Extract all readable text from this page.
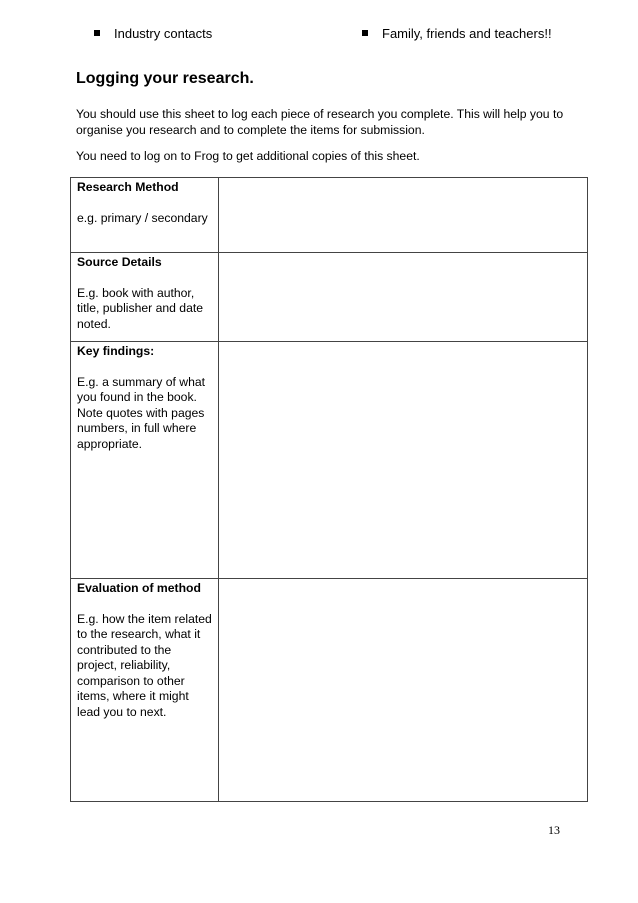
Industry contacts	Family, friends and teachers!!
Logging your research.

You should use this sheet to log each piece of research you complete. This will help you to organise you research and to complete the items for submission.

You need to log on to Frog to get additional copies of this sheet.

Research Method
e.g. primary / secondary	

Source Details
E.g. book with author, title, publisher and date noted.	

Key findings:
E.g. a summary of what you found in the book. Note quotes with pages numbers, in full where appropriate.	

Evaluation of method
E.g. how the item related to the research, what it contributed to the project, reliability, comparison to other items, where it might lead you to next.	

13
